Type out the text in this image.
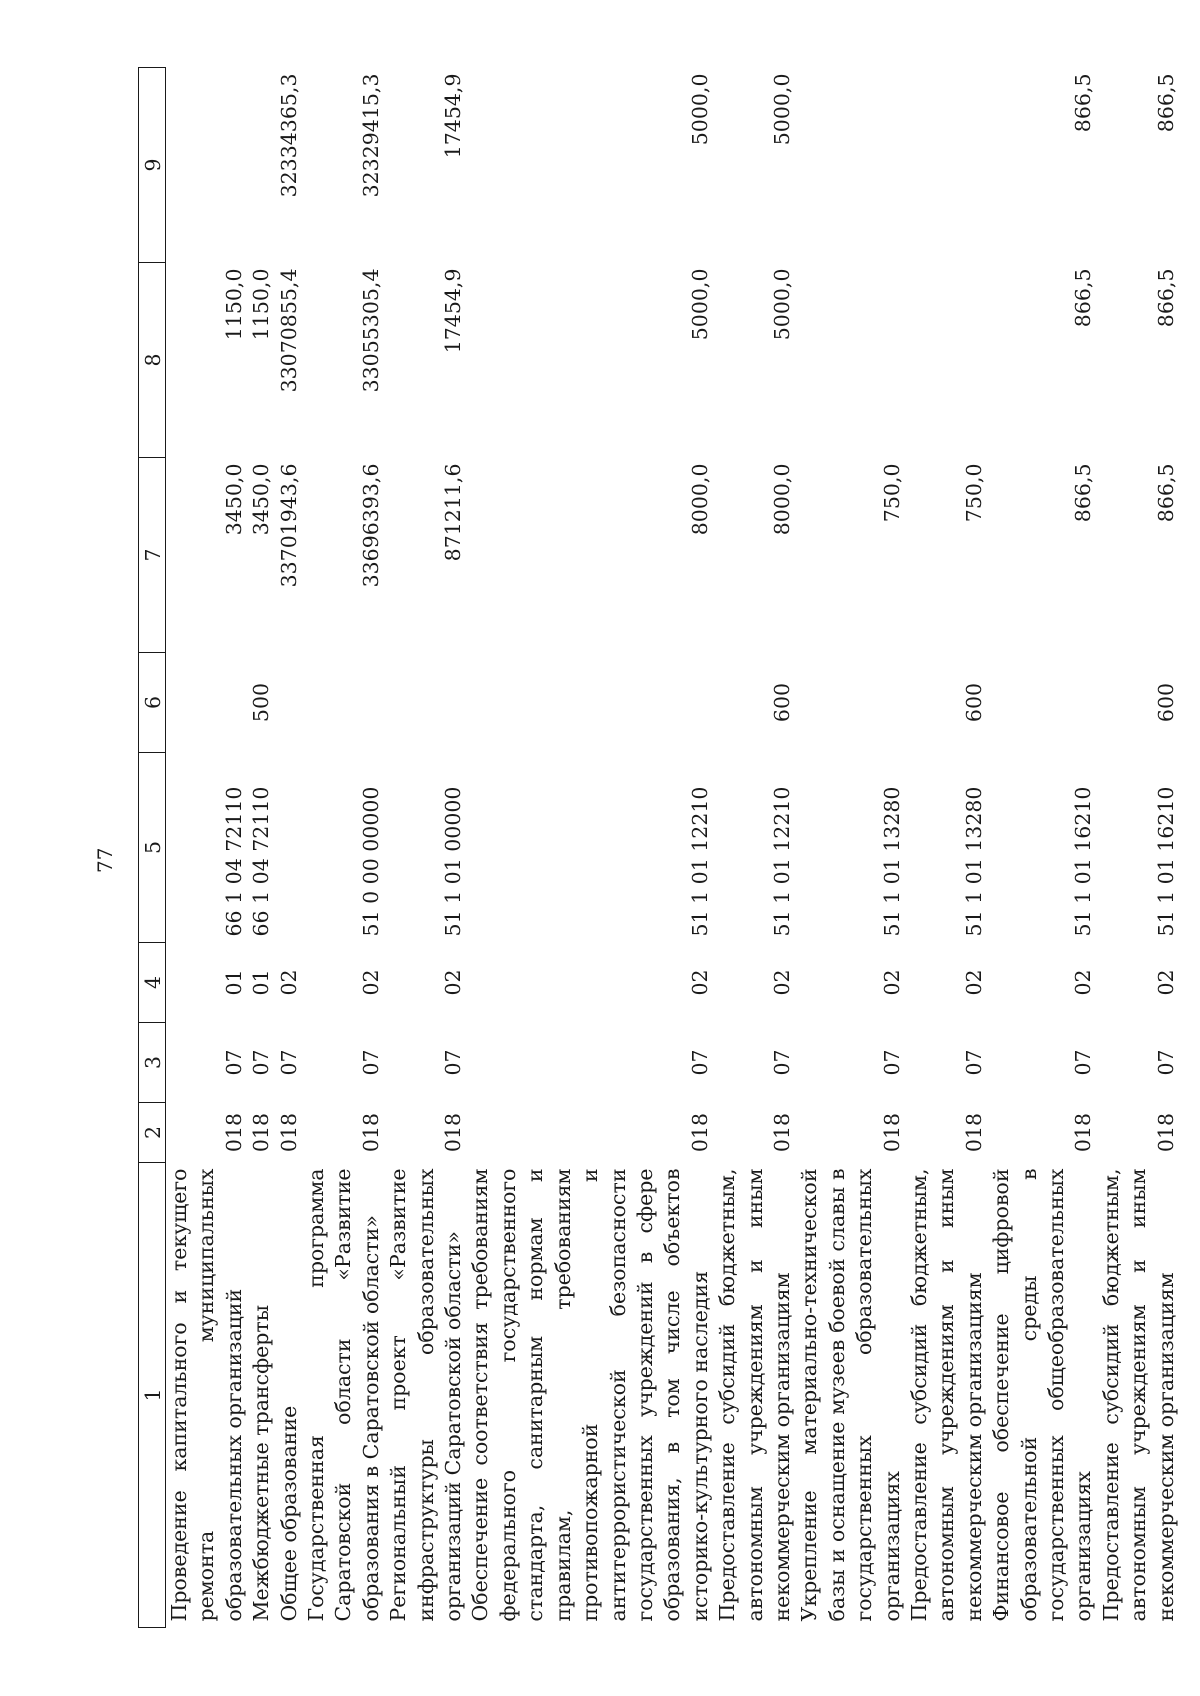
77
1	2	3	4	5	6	7	8	9
Проведение капитального и текущего ремонта муниципальных образовательных организаций	018	07	01	66 1 04 72110		3450,0	1150,0	
Межбюджетные трансферты	018	07	01	66 1 04 72110	500	3450,0	1150,0	
Общее образование	018	07	02			33701943,6	33070855,4	32334365,3
Государственная программа Саратовской области «Развитие образования в Саратовской области»	018	07	02	51 0 00 00000		33696393,6	33055305,4	32329415,3
Региональный проект «Развитие инфраструктуры образовательных организаций Саратовской области»	018	07	02	51 1 01 00000		871211,6	17454,9	17454,9
Обеспечение соответствия требованиям федерального государственного стандарта, санитарным нормам и правилам, требованиям противопожарной и антитеррористической безопасности государственных учреждений в сфере образования, в том числе объектов историко-культурного наследия	018	07	02	51 1 01 12210		8000,0	5000,0	5000,0
Предоставление субсидий бюджетным, автономным учреждениям и иным некоммерческим организациям	018	07	02	51 1 01 12210	600	8000,0	5000,0	5000,0
Укрепление материально-технической базы и оснащение музеев боевой славы в государственных образовательных организациях	018	07	02	51 1 01 13280		750,0		
Предоставление субсидий бюджетным, автономным учреждениям и иным некоммерческим организациям	018	07	02	51 1 01 13280	600	750,0		
Финансовое обеспечение цифровой образовательной среды в государственных общеобразовательных организациях	018	07	02	51 1 01 16210		866,5	866,5	866,5
Предоставление субсидий бюджетным, автономным учреждениям и иным некоммерческим организациям	018	07	02	51 1 01 16210	600	866,5	866,5	866,5
